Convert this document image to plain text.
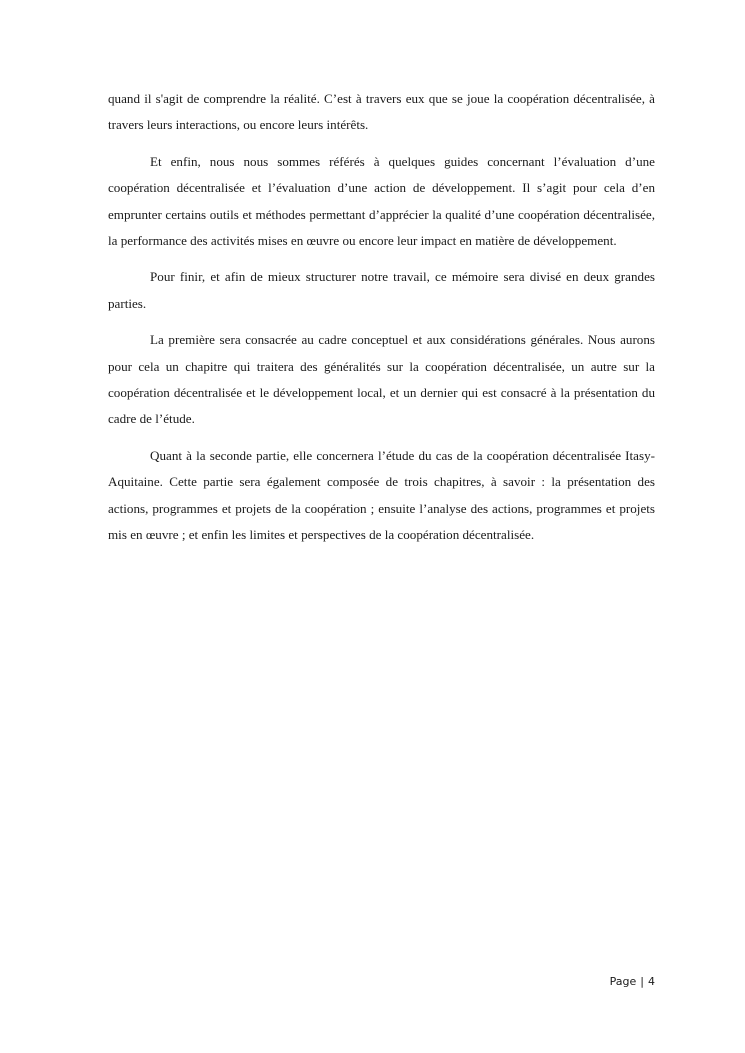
quand il s'agit de comprendre la réalité. C’est à travers eux que se joue la coopération décentralisée, à travers leurs interactions, ou encore leurs intérêts.

Et enfin, nous nous sommes référés à quelques guides concernant l’évaluation d’une coopération décentralisée et l’évaluation d’une action de développement. Il s’agit pour cela d’en emprunter certains outils et méthodes permettant d’apprécier la qualité d’une coopération décentralisée, la performance des activités mises en œuvre ou encore leur impact en matière de développement.

Pour finir, et afin de mieux structurer notre travail, ce mémoire sera divisé en deux grandes parties.

La première sera consacrée au cadre conceptuel et aux considérations générales. Nous aurons pour cela un chapitre qui traitera des généralités sur la coopération décentralisée, un autre sur la coopération décentralisée et le développement local, et un dernier qui est consacré à la présentation du cadre de l’étude.

Quant à la seconde partie, elle concernera l’étude du cas de la coopération décentralisée Itasy-Aquitaine. Cette partie sera également composée de trois chapitres, à savoir : la présentation des actions, programmes et projets de la coopération ; ensuite l’analyse des actions, programmes et projets mis en œuvre ; et enfin les limites et perspectives de la coopération décentralisée.

Page | 4
